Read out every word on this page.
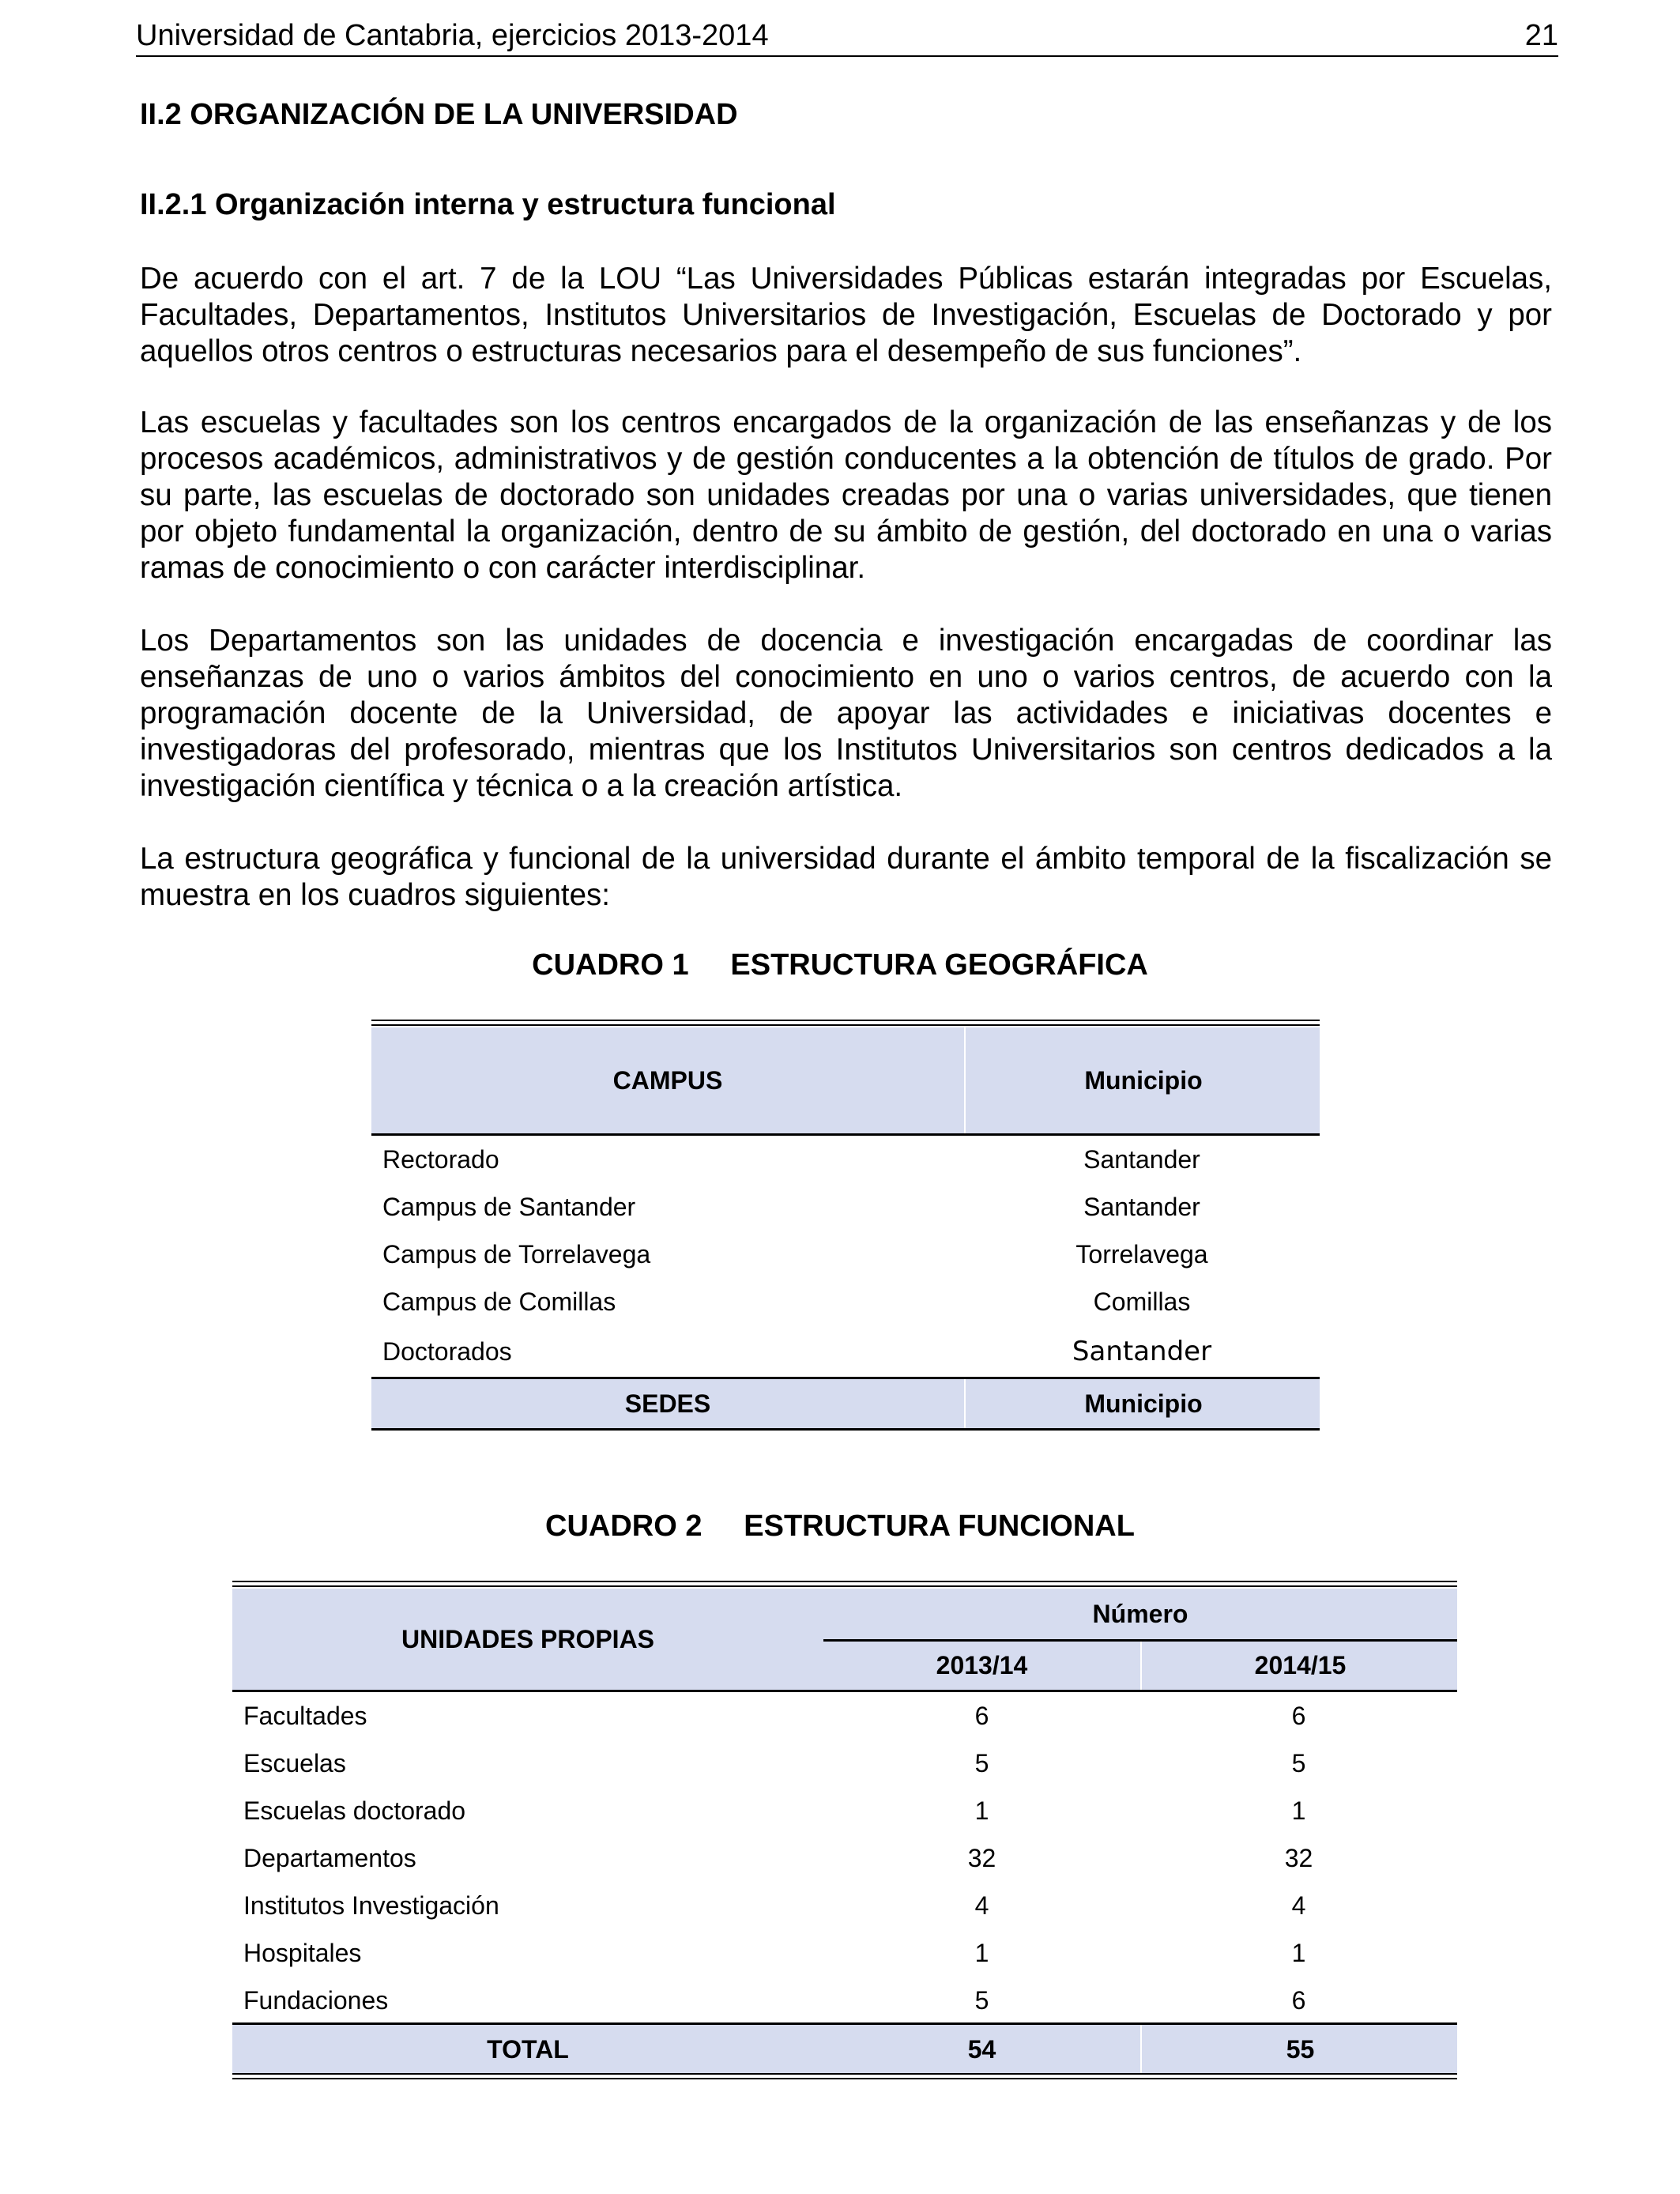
Universidad de Cantabria, ejercicios 2013-2014	21
II.2 ORGANIZACIÓN DE LA UNIVERSIDAD
II.2.1 Organización interna y estructura funcional

De acuerdo con el art. 7 de la LOU “Las Universidades Públicas estarán integradas por Escuelas, Facultades, Departamentos, Institutos Universitarios de Investigación, Escuelas de Doctorado y por aquellos otros centros o estructuras necesarios para el desempeño de sus funciones”.

Las escuelas y facultades son los centros encargados de la organización de las enseñanzas y de los procesos académicos, administrativos y de gestión conducentes a la obtención de títulos de grado. Por su parte, las escuelas de doctorado son unidades creadas por una o varias universidades, que tienen por objeto fundamental la organización, dentro de su ámbito de gestión, del doctorado en una o varias ramas de conocimiento o con carácter interdisciplinar.

Los Departamentos son las unidades de docencia e investigación encargadas de coordinar las enseñanzas de uno o varios ámbitos del conocimiento en uno o varios centros, de acuerdo con la programación docente de la Universidad, de apoyar las actividades e iniciativas docentes e investigadoras del profesorado, mientras que los Institutos Universitarios son centros dedicados a la investigación científica y técnica o a la creación artística.

La estructura geográfica y funcional de la universidad durante el ámbito temporal de la fiscalización se muestra en los cuadros siguientes:

CUADRO 1     ESTRUCTURA GEOGRÁFICA
CAMPUS	Municipio
Rectorado	Santander
Campus de Santander	Santander
Campus de Torrelavega	Torrelavega
Campus de Comillas	Comillas
Doctorados	Santander
SEDES	Municipio
CUADRO 2     ESTRUCTURA FUNCIONAL
UNIDADES PROPIAS
Número
2013/14	2014/15
Facultades	6	6
Escuelas	5	5
Escuelas doctorado	1	1
Departamentos	32	32
Institutos Investigación	4	4
Hospitales	1	1
Fundaciones	5	6
TOTAL	54	55
